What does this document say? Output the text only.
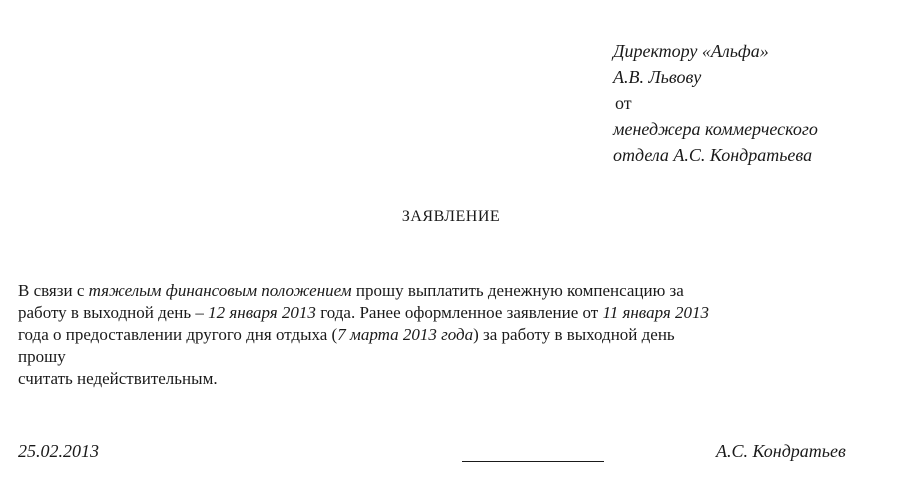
Директору «Альфа»
А.В. Львову
от
менеджера коммерческого
отдела А.С. Кондратьева
ЗАЯВЛЕНИЕ
В связи с тяжелым финансовым положением прошу выплатить денежную компенсацию за
работу в выходной день – 12 января 2013 года. Ранее оформленное заявление от 11 января 2013
года о предоставлении другого дня отдыха (7 марта 2013 года) за работу в выходной день
прошу
считать недействительным.
25.02.2013	А.С. Кондратьев
